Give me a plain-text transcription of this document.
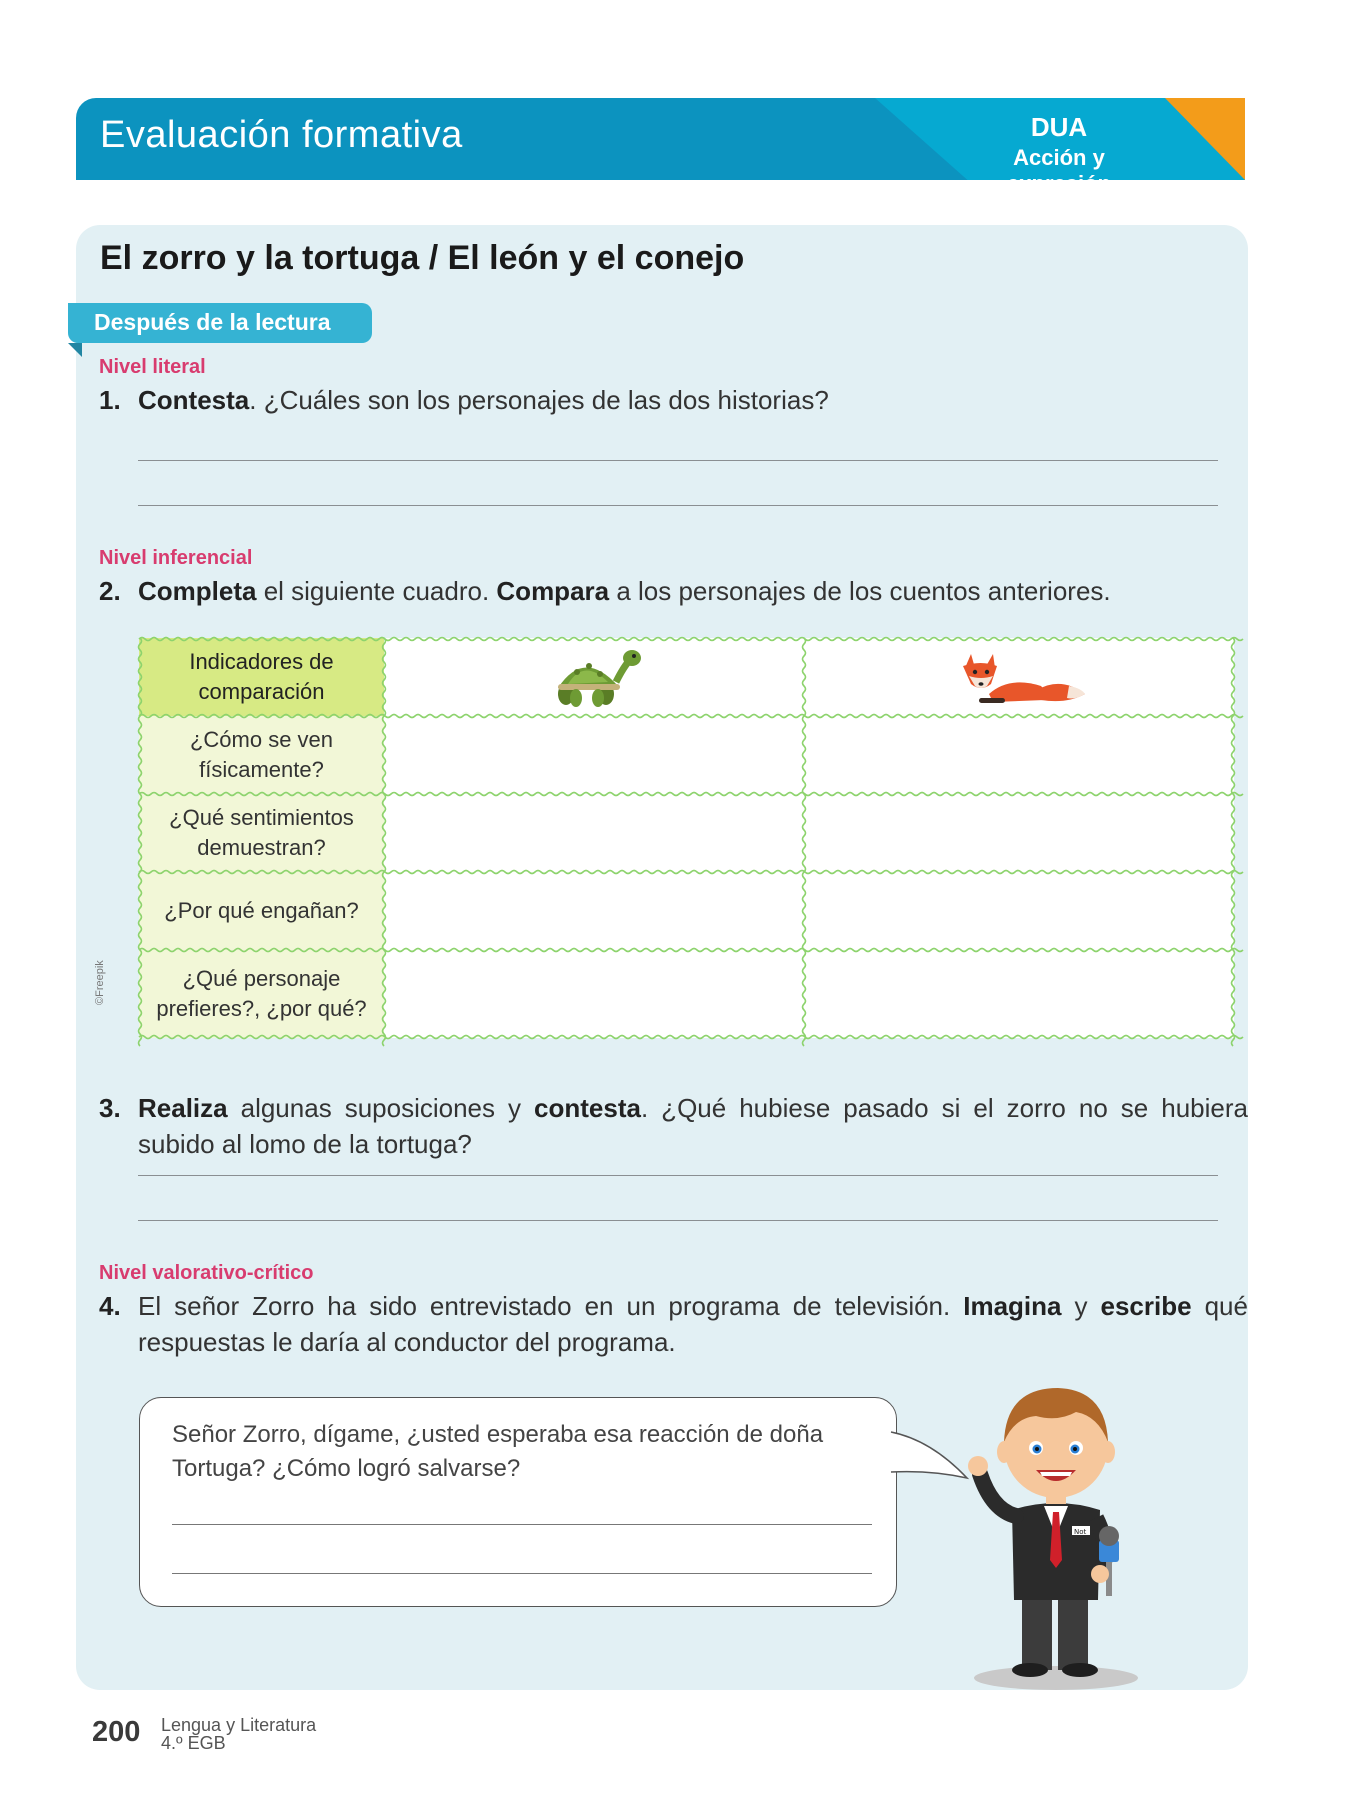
Evaluación formativa	DUA
Acción y expresión
El zorro y la tortuga / El león y el conejo
Después de la lectura
Nivel literal
1. Contesta. ¿Cuáles son los personajes de las dos historias?
Nivel inferencial
2. Completa el siguiente cuadro. Compara a los personajes de los cuentos anteriores.
Indicadores de comparación
¿Cómo se ven físicamente?
¿Qué sentimientos demuestran?
¿Por qué engañan?
¿Qué personaje prefieres?, ¿por qué?
©Freepik
3. Realiza algunas suposiciones y contesta. ¿Qué hubiese pasado si el zorro no se hubiera subido al lomo de la tortuga?
Nivel valorativo-crítico
4. El señor Zorro ha sido entrevistado en un programa de televisión. Imagina y escribe qué respuestas le daría al conductor del programa.
Señor Zorro, dígame, ¿usted esperaba esa reacción de doña Tortuga? ¿Cómo logró salvarse?
Not
200 Lengua y Literatura
4.º EGB
